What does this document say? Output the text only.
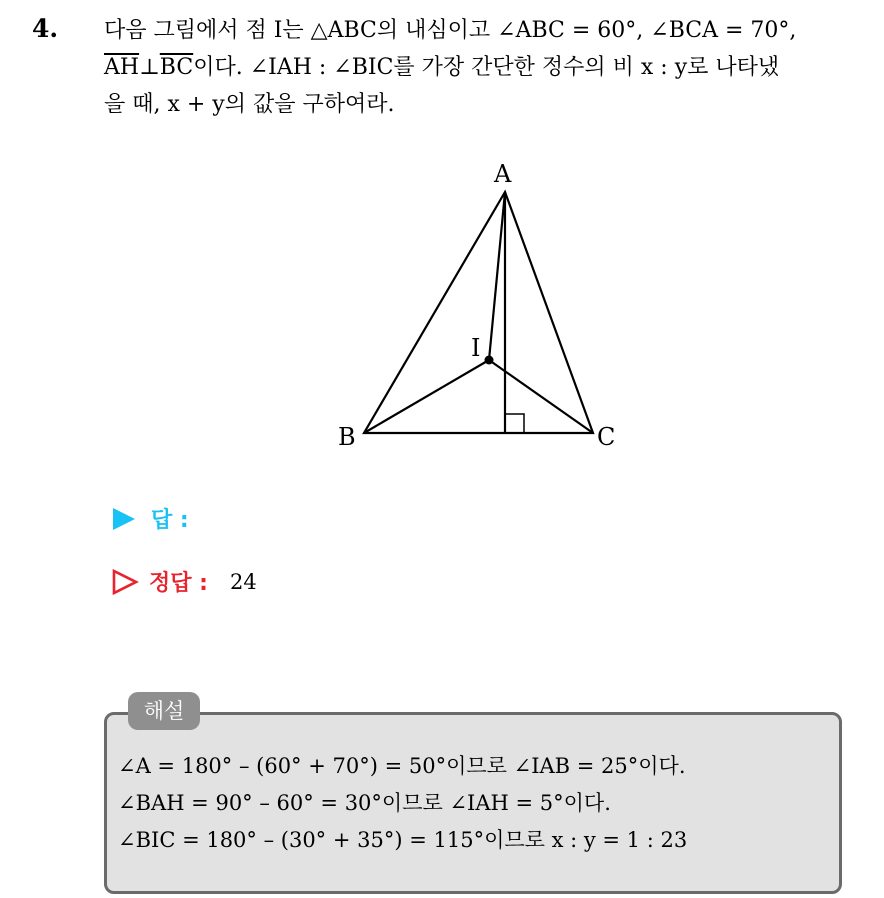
4. 다음 그림에서 점 I는 △ABC의 내심이고 ∠ABC = 60°, ∠BCA = 70°,
$\overline{AH}\perp\overline{BC}$이다. ∠IAH : ∠BIC를 가장 간단한 정수의 비 x : y로 나타냈
을 때, x + y의 값을 구하여라.
A
B	C
I
답 :
정답 : 24
해설
∠A = 180° – (60° + 70°) = 50°이므로 ∠IAB = 25°이다.
∠BAH = 90° – 60° = 30°이므로 ∠IAH = 5°이다.
∠BIC = 180° – (30° + 35°) = 115°이므로 x : y = 1 : 23
